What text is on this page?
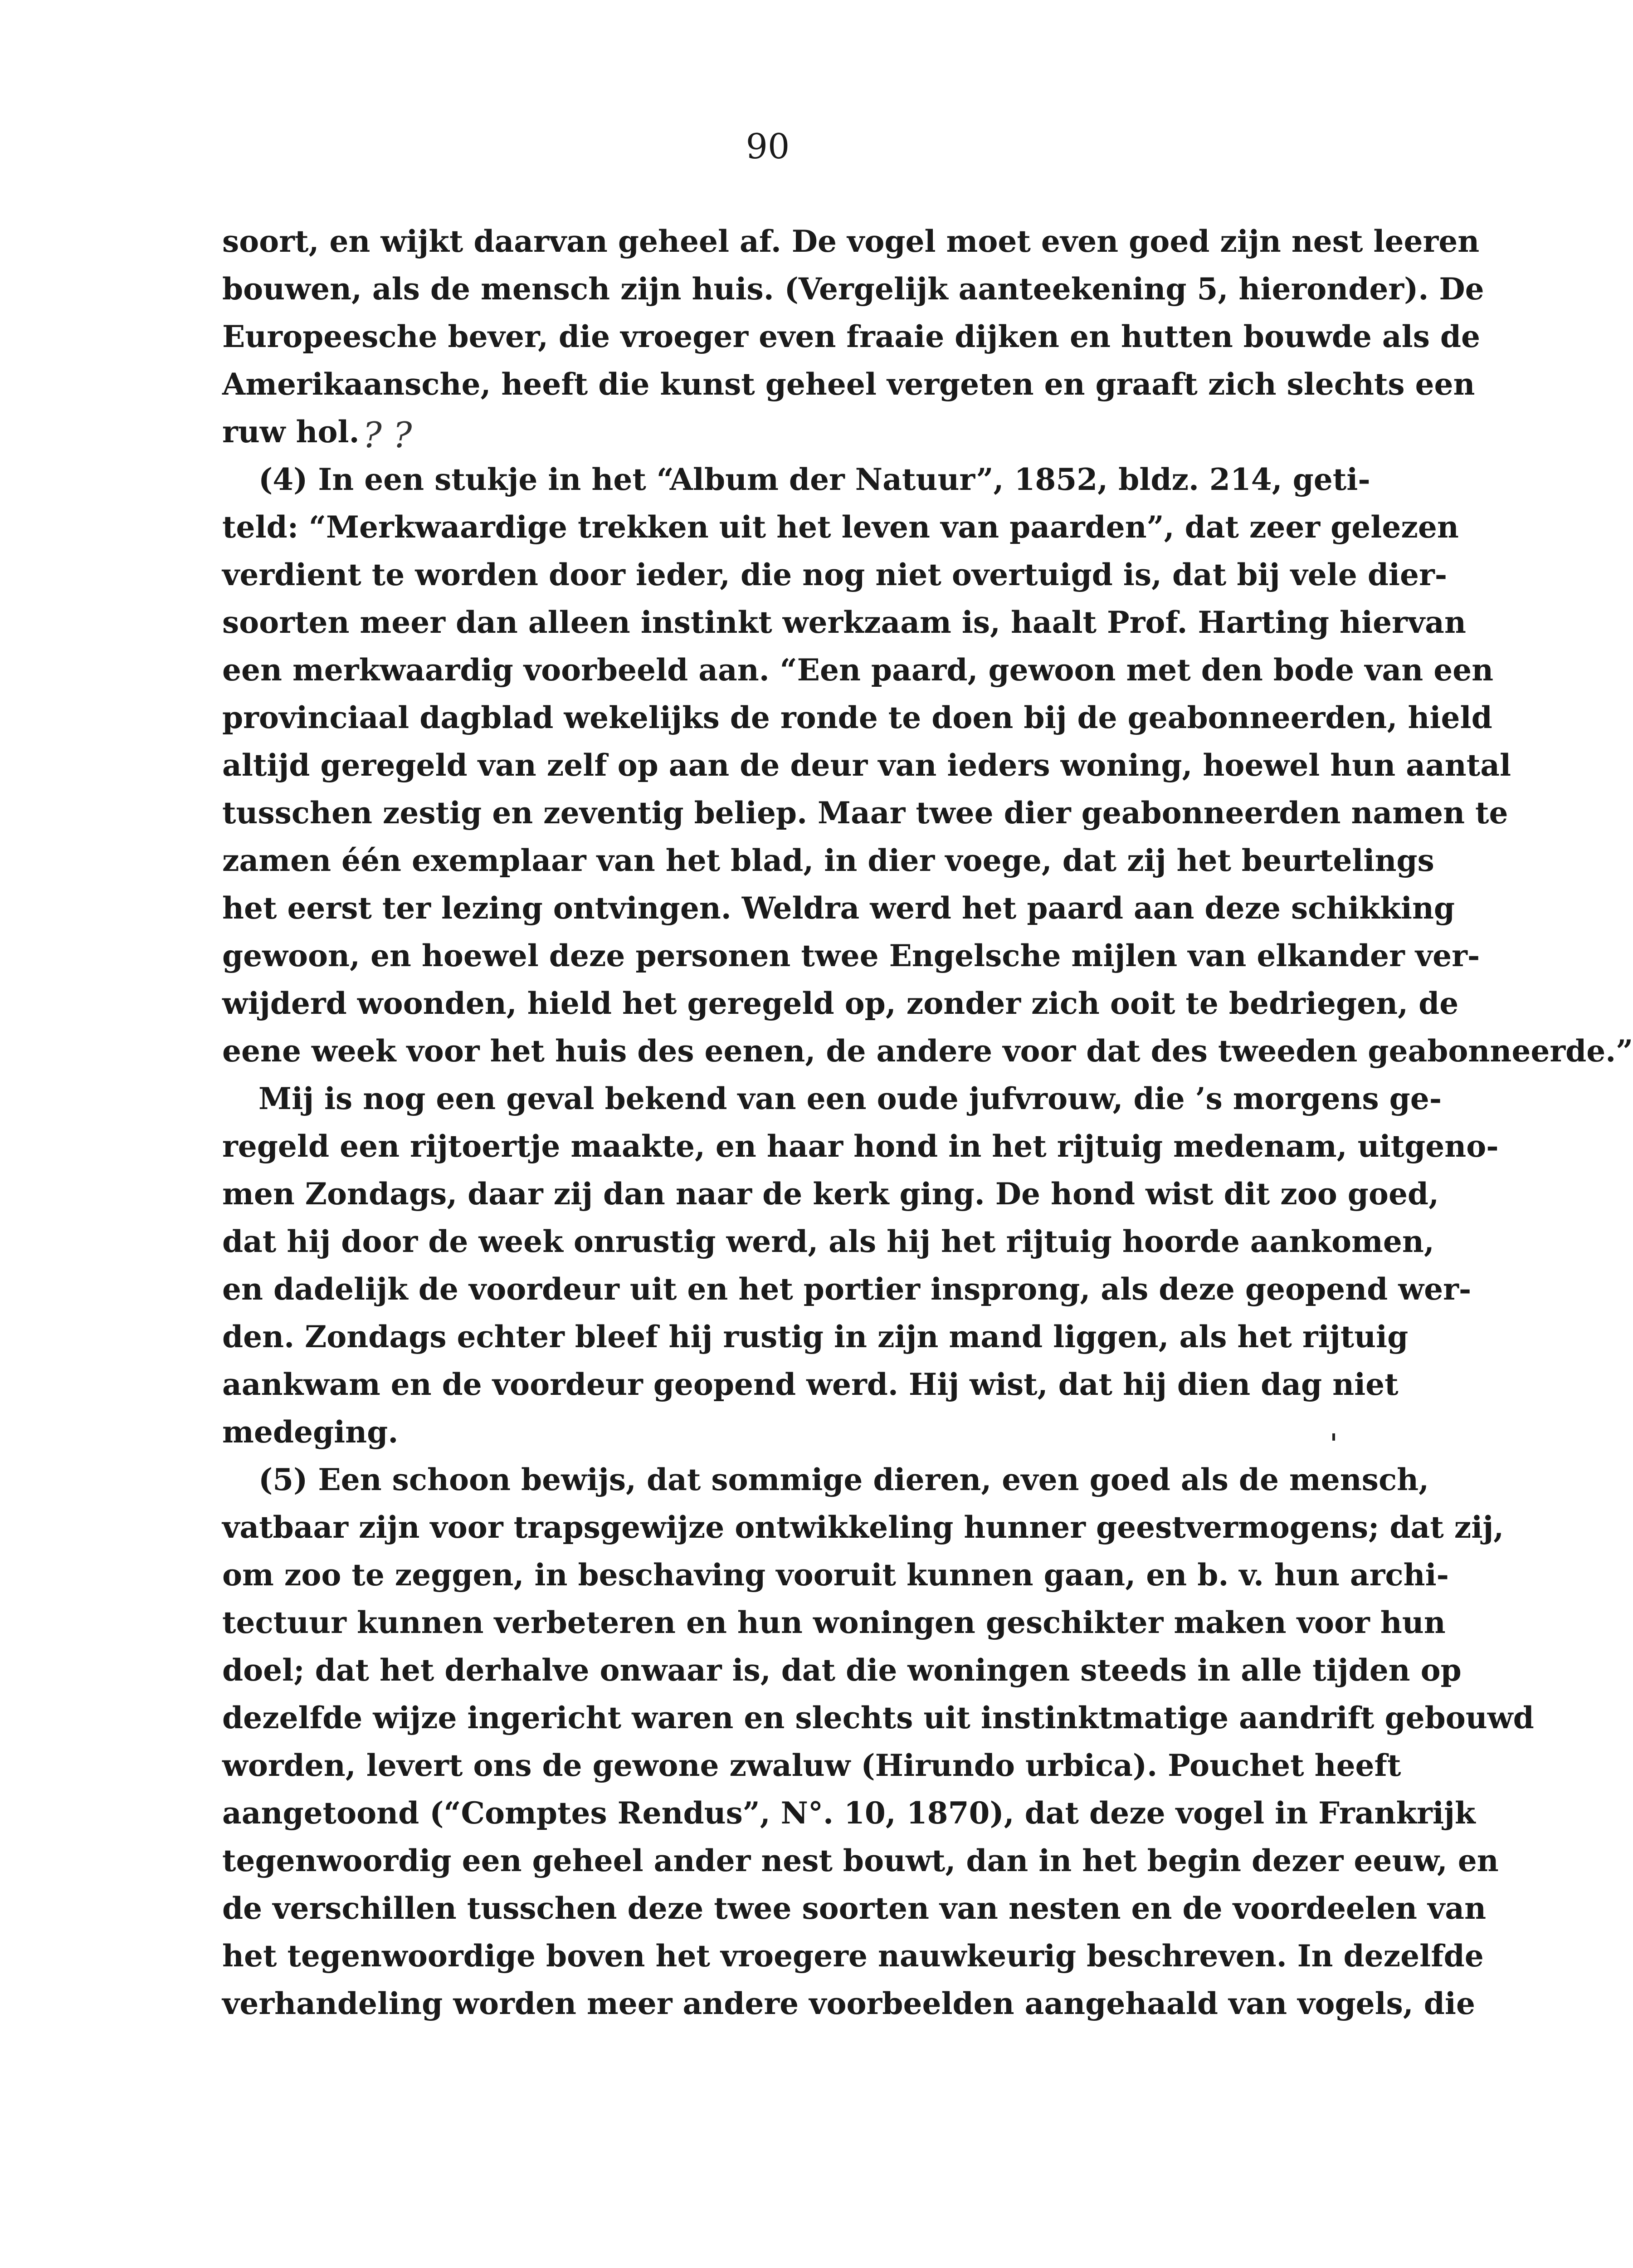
90
soort, en wijkt daarvan geheel af. De vogel moet even goed zijn nest leeren
bouwen, als de mensch zijn huis. (Vergelijk aanteekening 5, hieronder). De
Europeesche bever, die vroeger even fraaie dijken en hutten bouwde als de
Amerikaansche, heeft die kunst geheel vergeten en graaft zich slechts een
ruw hol.
(4) In een stukje in het “Album der Natuur”, 1852, bldz. 214, geti-
teld: “Merkwaardige trekken uit het leven van paarden”, dat zeer gelezen
verdient te worden door ieder, die nog niet overtuigd is, dat bij vele dier-
soorten meer dan alleen instinkt werkzaam is, haalt Prof. Harting hiervan
een merkwaardig voorbeeld aan. “Een paard, gewoon met den bode van een
provinciaal dagblad wekelijks de ronde te doen bij de geabonneerden, hield
altijd geregeld van zelf op aan de deur van ieders woning, hoewel hun aantal
tusschen zestig en zeventig beliep. Maar twee dier geabonneerden namen te
zamen één exemplaar van het blad, in dier voege, dat zij het beurtelings
het eerst ter lezing ontvingen. Weldra werd het paard aan deze schikking
gewoon, en hoewel deze personen twee Engelsche mijlen van elkander ver-
wijderd woonden, hield het geregeld op, zonder zich ooit te bedriegen, de
eene week voor het huis des eenen, de andere voor dat des tweeden geabonneerde.”
Mij is nog een geval bekend van een oude jufvrouw, die ’s morgens ge-
regeld een rijtoertje maakte, en haar hond in het rijtuig medenam, uitgeno-
men Zondags, daar zij dan naar de kerk ging. De hond wist dit zoo goed,
dat hij door de week onrustig werd, als hij het rijtuig hoorde aankomen,
en dadelijk de voordeur uit en het portier insprong, als deze geopend wer-
den. Zondags echter bleef hij rustig in zijn mand liggen, als het rijtuig
aankwam en de voordeur geopend werd. Hij wist, dat hij dien dag niet
medeging.
(5) Een schoon bewijs, dat sommige dieren, even goed als de mensch,
vatbaar zijn voor trapsgewijze ontwikkeling hunner geestvermogens; dat zij,
om zoo te zeggen, in beschaving vooruit kunnen gaan, en b. v. hun archi-
tectuur kunnen verbeteren en hun woningen geschikter maken voor hun
doel; dat het derhalve onwaar is, dat die woningen steeds in alle tijden op
dezelfde wijze ingericht waren en slechts uit instinktmatige aandrift gebouwd
worden, levert ons de gewone zwaluw (Hirundo urbica). Pouchet heeft
aangetoond (“Comptes Rendus”, N°. 10, 1870), dat deze vogel in Frankrijk
tegenwoordig een geheel ander nest bouwt, dan in het begin dezer eeuw, en
de verschillen tusschen deze twee soorten van nesten en de voordeelen van
het tegenwoordige boven het vroegere nauwkeurig beschreven. In dezelfde
verhandeling worden meer andere voorbeelden aangehaald van vogels, die
? ?
